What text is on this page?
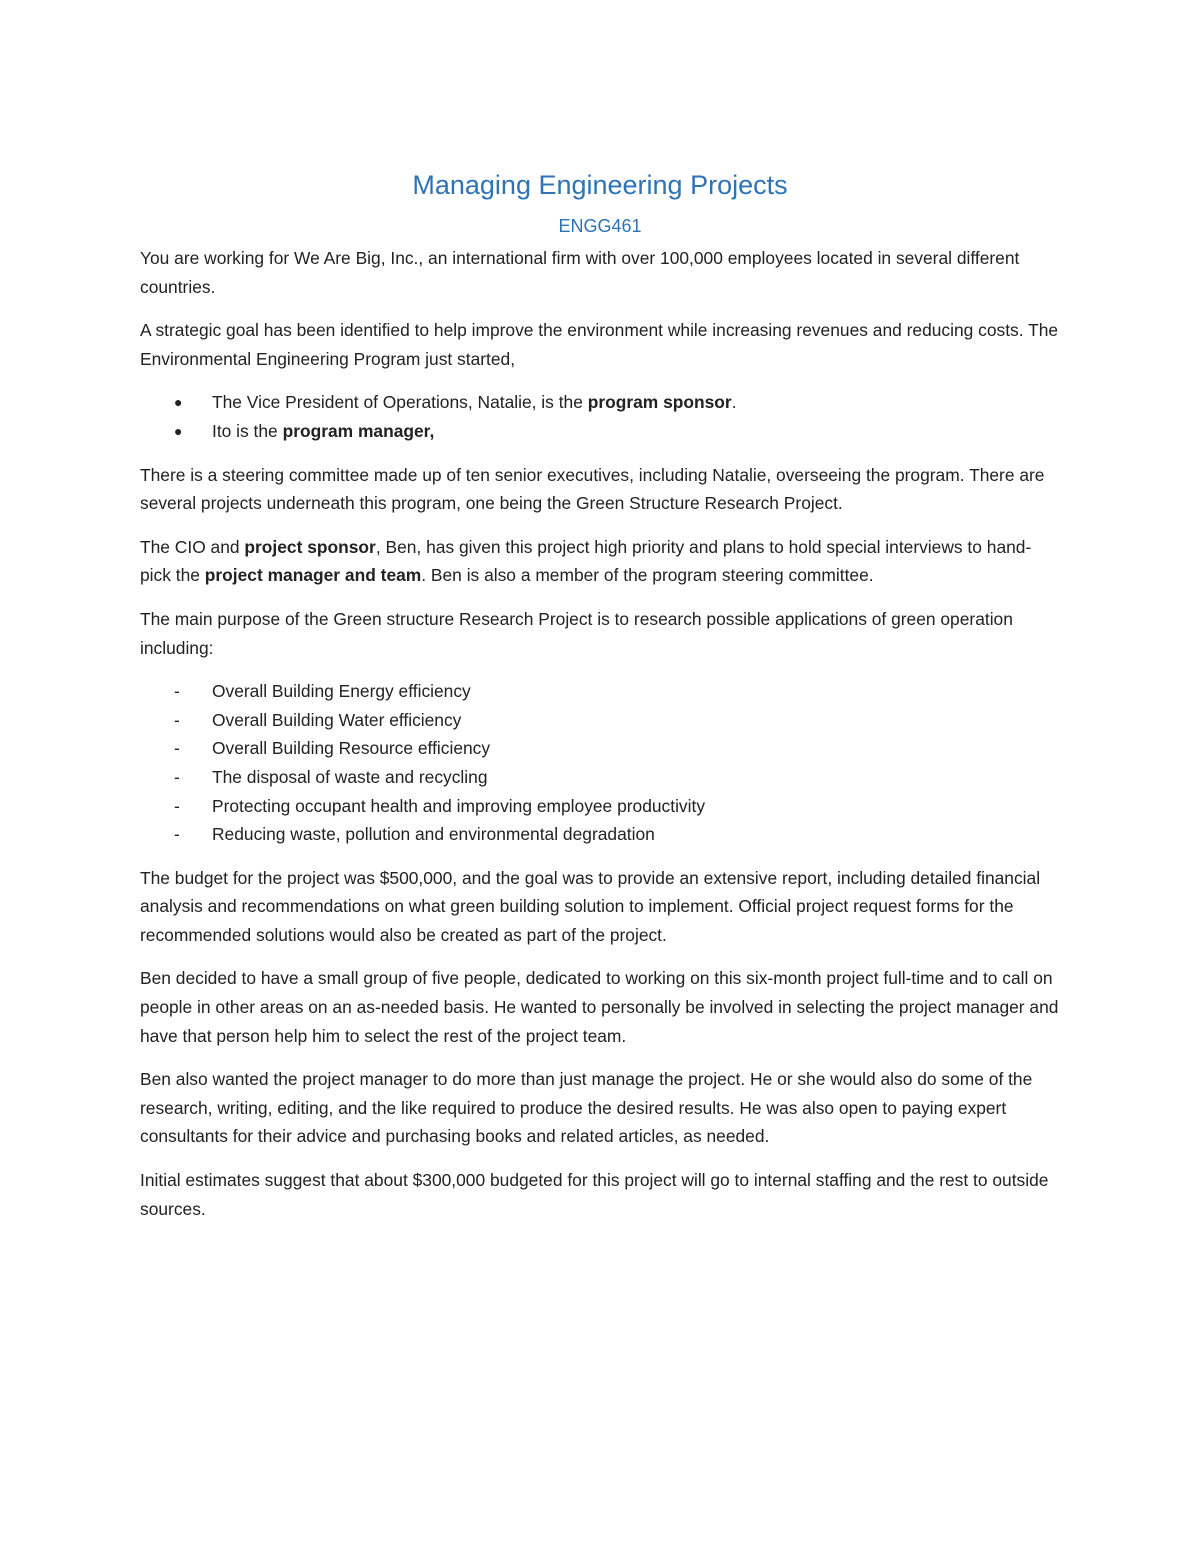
Managing Engineering Projects
ENGG461

You are working for We Are Big, Inc., an international firm with over 100,000 employees located in several different countries.

A strategic goal has been identified to help improve the environment while increasing revenues and reducing costs. The Environmental Engineering Program just started,

● The Vice President of Operations, Natalie, is the program sponsor.
● Ito is the program manager,

There is a steering committee made up of ten senior executives, including Natalie, overseeing the program. There are several projects underneath this program, one being the Green Structure Research Project.

The CIO and project sponsor, Ben, has given this project high priority and plans to hold special interviews to hand-pick the project manager and team. Ben is also a member of the program steering committee.

The main purpose of the Green structure Research Project is to research possible applications of green operation including:

- Overall Building Energy efficiency
- Overall Building Water efficiency
- Overall Building Resource efficiency
- The disposal of waste and recycling
- Protecting occupant health and improving employee productivity
- Reducing waste, pollution and environmental degradation

The budget for the project was $500,000, and the goal was to provide an extensive report, including detailed financial analysis and recommendations on what green building solution to implement. Official project request forms for the recommended solutions would also be created as part of the project.

Ben decided to have a small group of five people, dedicated to working on this six-month project full-time and to call on people in other areas on an as-needed basis. He wanted to personally be involved in selecting the project manager and have that person help him to select the rest of the project team.

Ben also wanted the project manager to do more than just manage the project. He or she would also do some of the research, writing, editing, and the like required to produce the desired results. He was also open to paying expert consultants for their advice and purchasing books and related articles, as needed.

Initial estimates suggest that about $300,000 budgeted for this project will go to internal staffing and the rest to outside sources.
